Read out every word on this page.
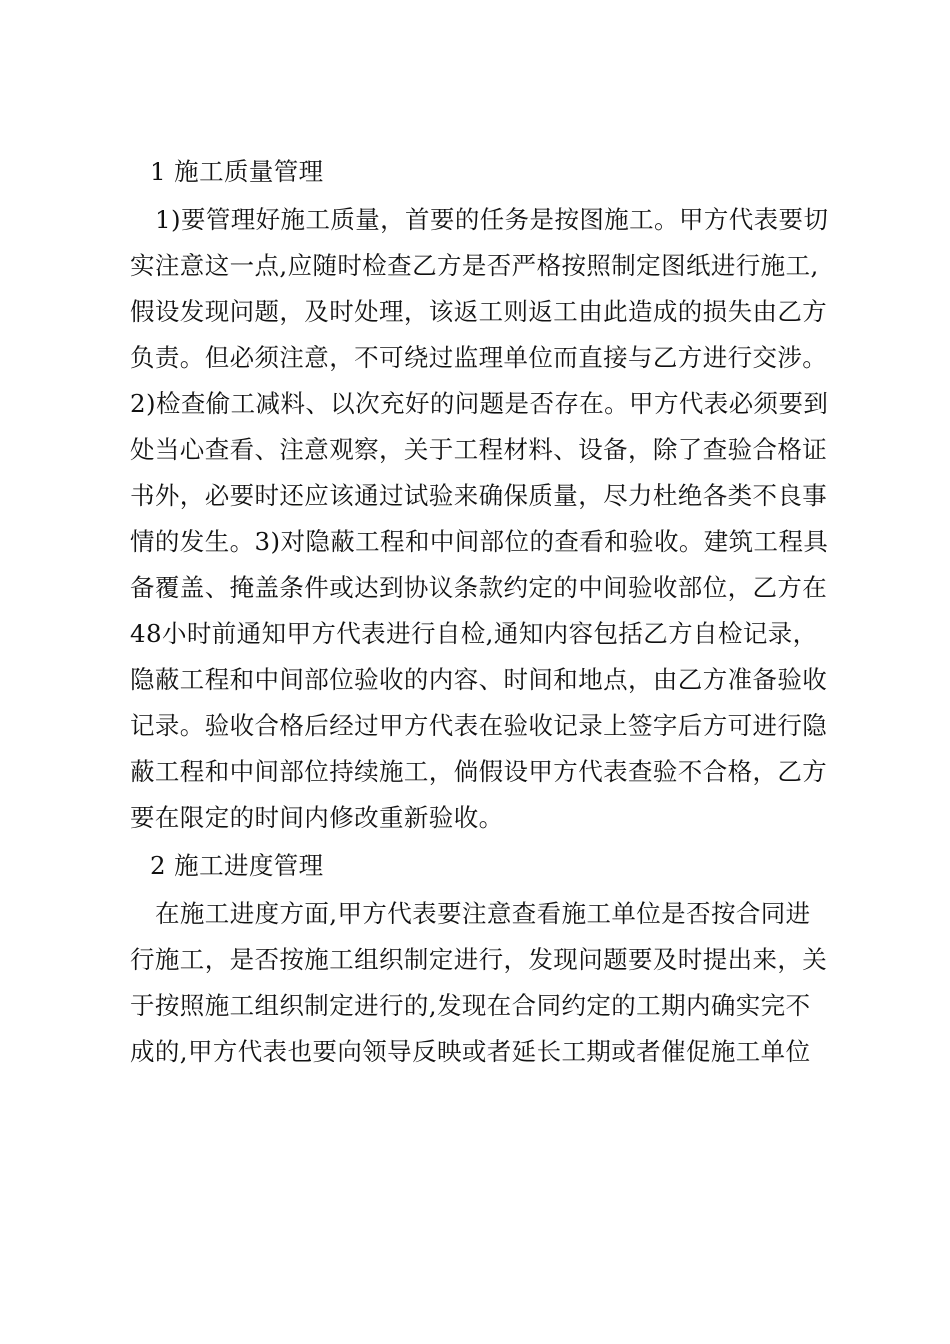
1 施工质量管理
1)要管理好施工质量，首要的任务是按图施工。甲方代表要切
实注意这一点,应随时检查乙方是否严格按照制定图纸进行施工,
假设发现问题，及时处理，该返工则返工由此造成的损失由乙方
负责。但必须注意，不可绕过监理单位而直接与乙方进行交涉。
2)检查偷工减料、以次充好的问题是否存在。甲方代表必须要到
处当心查看、注意观察，关于工程材料、设备，除了查验合格证
书外，必要时还应该通过试验来确保质量，尽力杜绝各类不良事
情的发生。3)对隐蔽工程和中间部位的查看和验收。建筑工程具
备覆盖、掩盖条件或达到协议条款约定的中间验收部位，乙方在
48小时前通知甲方代表进行自检,通知内容包括乙方自检记录，
隐蔽工程和中间部位验收的内容、时间和地点，由乙方准备验收
记录。验收合格后经过甲方代表在验收记录上签字后方可进行隐
蔽工程和中间部位持续施工，倘假设甲方代表查验不合格，乙方
要在限定的时间内修改重新验收。
2 施工进度管理
在施工进度方面,甲方代表要注意查看施工单位是否按合同进
行施工，是否按施工组织制定进行，发现问题要及时提出来，关
于按照施工组织制定进行的,发现在合同约定的工期内确实完不
成的,甲方代表也要向领导反映或者延长工期或者催促施工单位
